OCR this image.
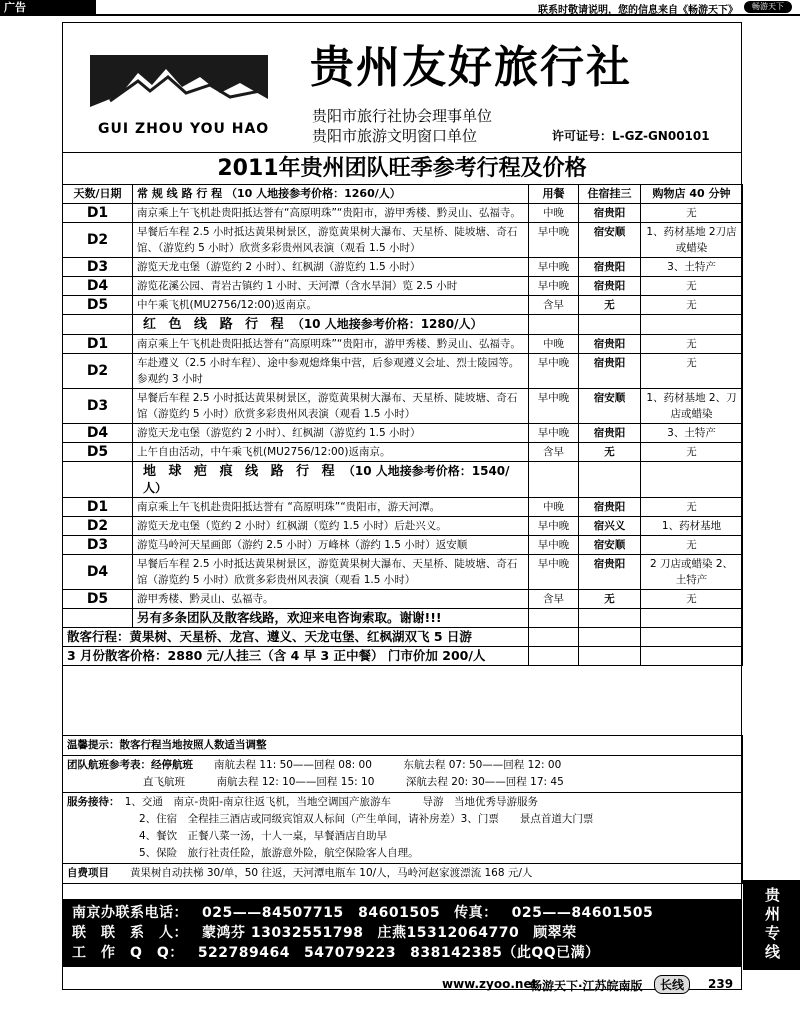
广告	联系时敬请说明，您的信息来自《畅游天下》	畅游天下
GUI ZHOU YOU HAO
贵州友好旅行社
贵阳市旅行社协会理事单位
贵阳市旅游文明窗口单位	许可证号：L-GZ-GN00101
2011年贵州团队旺季参考行程及价格
天数/日期	常 规 线 路 行 程 （10 人地接参考价格：1260/人）	用餐	住宿挂三	购物店 40 分钟
D1	南京乘上午飞机赴贵阳抵达誉有“高原明珠”“贵阳市，游甲秀楼、黔灵山、弘福寺。	中晚	宿贵阳	无
D2	早餐后车程 2.5 小时抵达黄果树景区，游览黄果树大瀑布、天星桥、陡坡塘、奇石馆、（游览约 5 小时）欣赏多彩贵州风表演（观看 1.5 小时）	早中晚	宿安顺	1、药材基地 2刀店或蜡染
D3	游览天龙屯堡（游览约 2 小时）、红枫湖（游览约 1.5 小时）	早中晚	宿贵阳	3、土特产
D4	游览花溪公园、青岩古镇约 1 小时、天河潭（含水旱洞）览 2.5 小时	早中晚	宿贵阳	无
D5	中午乘飞机(MU2756/12:00)返南京。	含早	无	无
	红 色 线 路 行 程 （10 人地接参考价格：1280/人）			
D1	南京乘上午飞机赴贵阳抵达誉有“高原明珠”“贵阳市，游甲秀楼、黔灵山、弘福寺。	中晚	宿贵阳	无
D2	车赴遵义（2.5 小时车程）、途中参观熄烽集中营，后参观遵义会址、烈士陵园等。参观约 3 小时	早中晚	宿贵阳	无
D3	早餐后车程 2.5 小时抵达黄果树景区，游览黄果树大瀑布、天星桥、陡坡塘、奇石馆（游览约 5 小时）欣赏多彩贵州风表演（观看 1.5 小时）	早中晚	宿安顺	1、药材基地 2、刀店或蜡染
D4	游览天龙屯堡（游览约 2 小时）、红枫湖（游览约 1.5 小时）	早中晚	宿贵阳	3、土特产
D5	上午自由活动，中午乘飞机(MU2756/12:00)返南京。	含早	无	无
	地 球 疤 痕 线 路 行 程 （10 人地接参考价格：1540/人）			
D1	南京乘上午飞机赴贵阳抵达誉有 “高原明珠”“贵阳市，游天河潭。	中晚	宿贵阳	无
D2	游览天龙屯堡（览约 2 小时）红枫湖（览约 1.5 小时）后赴兴义。	早中晚	宿兴义	1、药材基地
D3	游览马岭河天星画郎（游约 2.5 小时）万峰林（游约 1.5 小时）返安顺	早中晚	宿安顺	无
D4	早餐后车程 2.5 小时抵达黄果树景区，游览黄果树大瀑布、天星桥、陡坡塘、奇石馆（游览约 5 小时）欣赏多彩贵州风表演（观看 1.5 小时）	早中晚	宿贵阳	2 刀店或蜡染 2、土特产
D5	游甲秀楼、黔灵山、弘福寺。	含早	无	无
	另有多条团队及散客线路，欢迎来电咨询索取。谢谢!!!			
散客行程：黄果树、天星桥、龙宫、遵义、天龙屯堡、红枫湖双飞 5 日游				
3 月份散客价格：2880 元/人挂三（含 4 早 3 正中餐） 门市价加 200/人				
温馨提示：散客行程当地按照人数适当调整

团队航班参考表：经停航班　　 南航去程 11: 50——回程 08: 00　　　	东航去程 07: 50——回程 12: 00
直飞航班　　　	南航去程 12: 10——回程 15: 10　　　	深航去程 20: 30——回程 17: 45

服务接待：　 1、交通　南京-贵阳-南京往返飞机，当地空调国产旅游车　　　导游　当地优秀导游服务
2、住宿　全程挂三酒店或同级宾馆双人标间（产生单间，请补房差）3、门票　　景点首道大门票
4、餐饮　正餐八菜一汤，十人一桌，早餐酒店自助早
5、保险　旅行社责任险，旅游意外险，航空保险客人自理。

自费项目　　 黄果树自动扶梯 30/单，50 往返，天河潭电瓶车 10/人，马岭河赵家渡漂流 168 元/人
南京办联系电话： 025——84507715　84601505 传真： 025——84601505
联　联　系　人： 蒙鸿芬 13032551798 庄燕15312064770 顾翠荣
工　作　Q　Q： 522789464 547079223 838142385（此QQ已满）	贵州专线
www.zyoo.net
畅游天下·江苏皖南版	长线	239
